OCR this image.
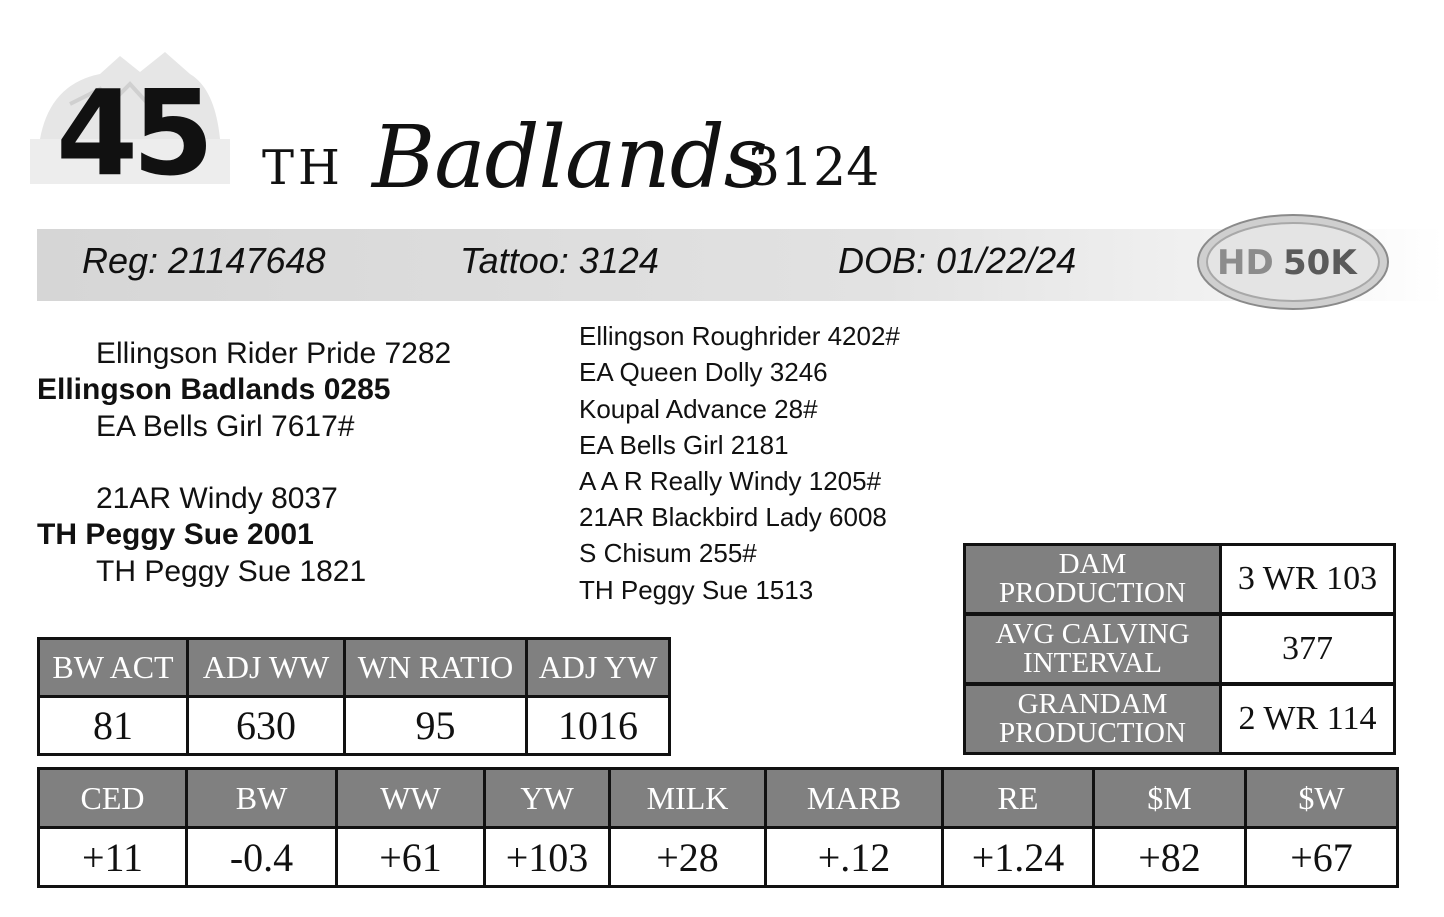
45 TH Badlands
3124
Reg: 21147648	Tattoo: 3124	DOB: 01/22/24	HD 50K
Ellingson Rider Pride 7282
Ellingson Badlands 0285
EA Bells Girl 7617#
21AR Windy 8037
TH Peggy Sue 2001
TH Peggy Sue 1821
Ellingson Roughrider 4202#
EA Queen Dolly 3246
Koupal Advance 28#
EA Bells Girl 2181
A A R Really Windy 1205#
21AR Blackbird Lady 6008
S Chisum 255#
TH Peggy Sue 1513
BW ACT	ADJ WW	WN RATIO	ADJ YW
81	630	95	1016
DAM
PRODUCTION	3 WR 103

AVG CALVING
INTERVAL	377

GRANDAM
PRODUCTION	2 WR 114
CED	BW	WW	YW	MILK	MARB	RE	$M	$W
+11	-0.4	+61	+103	+28	+.12	+1.24	+82	+67
